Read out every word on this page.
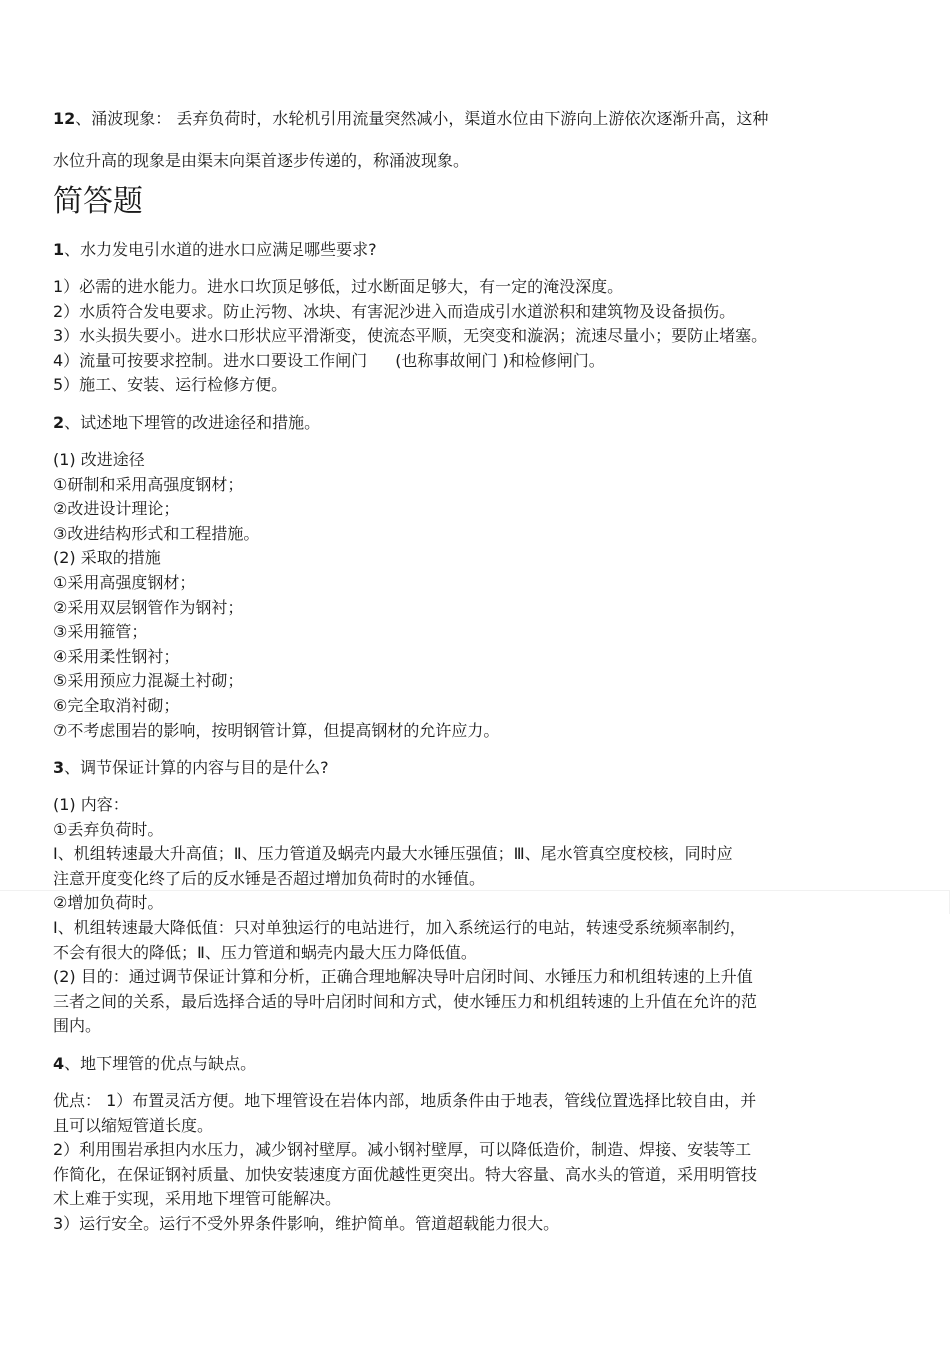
12、涌波现象： 丢弃负荷时，水轮机引用流量突然减小，渠道水位由下游向上游依次逐渐升高，这种

水位升高的现象是由渠末向渠首逐步传递的，称涌波现象。

简答题

1、水力发电引水道的进水口应满足哪些要求?

1）必需的进水能力。进水口坎顶足够低，过水断面足够大，有一定的淹没深度。

2）水质符合发电要求。防止污物、冰块、有害泥沙进入而造成引水道淤积和建筑物及设备损伤。

3）水头损失要小。进水口形状应平滑渐变，使流态平顺，无突变和漩涡；流速尽量小；要防止堵塞。

4）流量可按要求控制。进水口要设工作闸门 (也称事故闸门 )和检修闸门。

5）施工、安装、运行检修方便。

2、试述地下埋管的改进途径和措施。

(1) 改进途径

①研制和采用高强度钢材；

②改进设计理论；

③改进结构形式和工程措施。

(2) 采取的措施

①采用高强度钢材；

②采用双层钢管作为钢衬；

③采用箍管；

④采用柔性钢衬；

⑤采用预应力混凝土衬砌；

⑥完全取消衬砌；

⑦不考虑围岩的影响，按明钢管计算，但提高钢材的允许应力。

3、调节保证计算的内容与目的是什么?

(1) 内容：

①丢弃负荷时。

Ⅰ、机组转速最大升高值；Ⅱ、压力管道及蜗壳内最大水锤压强值；Ⅲ、尾水管真空度校核，同时应

注意开度变化终了后的反水锤是否超过增加负荷时的水锤值。

②增加负荷时。

Ⅰ、机组转速最大降低值：只对单独运行的电站进行，加入系统运行的电站，转速受系统频率制约，

不会有很大的降低；Ⅱ、压力管道和蜗壳内最大压力降低值。

(2) 目的：通过调节保证计算和分析，正确合理地解决导叶启闭时间、水锤压力和机组转速的上升值

三者之间的关系，最后选择合适的导叶启闭时间和方式，使水锤压力和机组转速的上升值在允许的范

围内。

4、地下埋管的优点与缺点。

优点： 1）布置灵活方便。地下埋管设在岩体内部，地质条件由于地表，管线位置选择比较自由，并

且可以缩短管道长度。

2）利用围岩承担内水压力，减少钢衬壁厚。减小钢衬壁厚，可以降低造价，制造、焊接、安装等工

作简化，在保证钢衬质量、加快安装速度方面优越性更突出。特大容量、高水头的管道，采用明管技

术上难于实现，采用地下埋管可能解决。

3）运行安全。运行不受外界条件影响，维护简单。管道超载能力很大。
